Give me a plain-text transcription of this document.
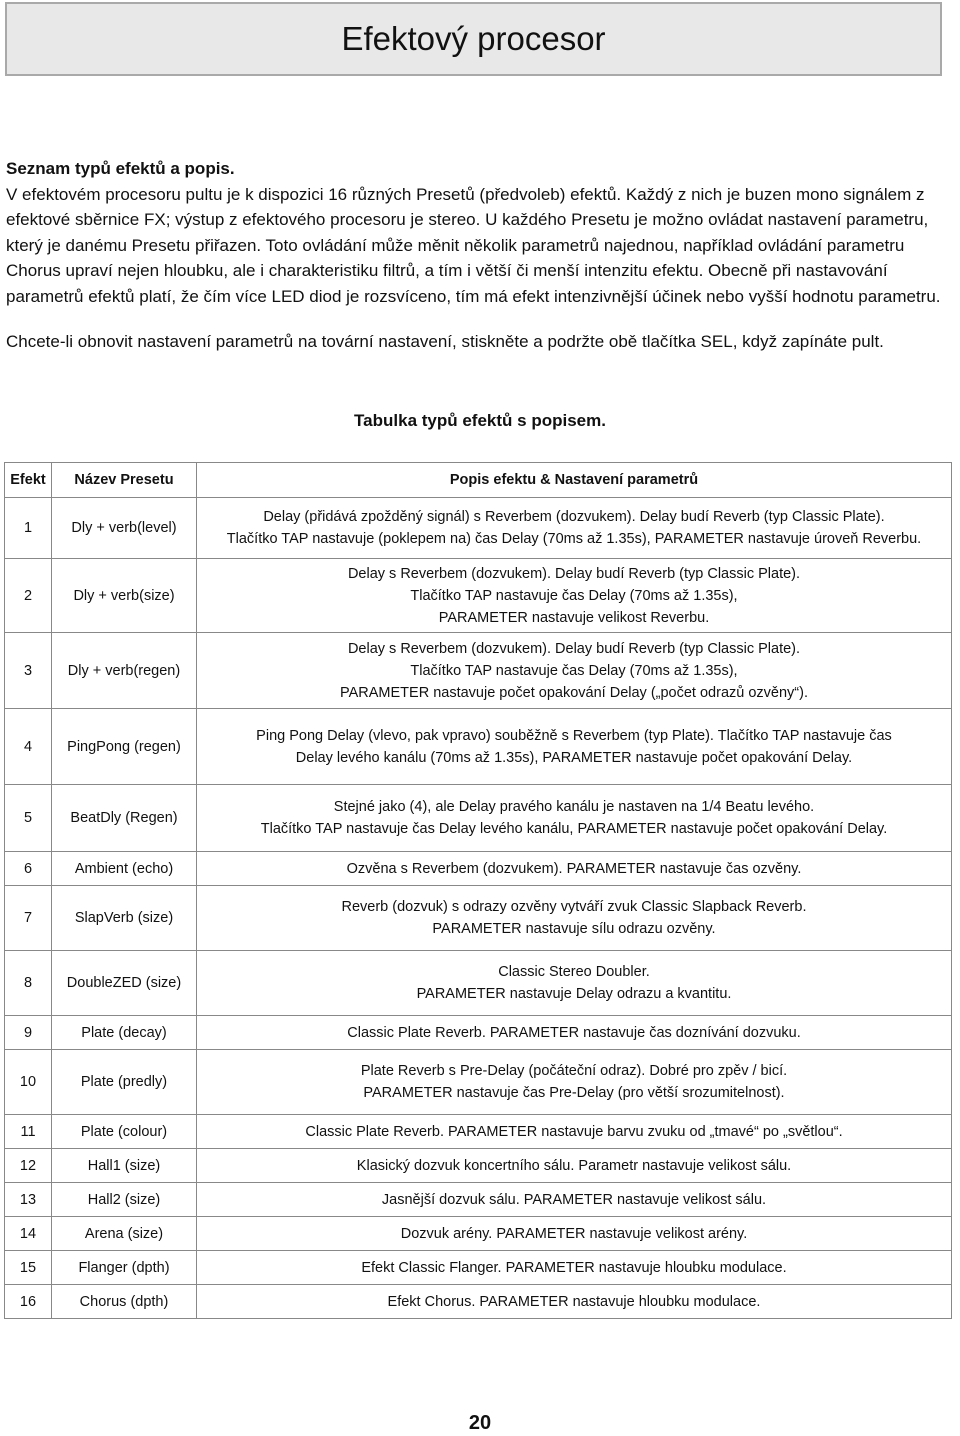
Efektový procesor

Seznam typů efektů a popis.

V efektovém procesoru pultu je k dispozici 16 různých Presetů (předvoleb) efektů. Každý z nich je buzen mono signálem z efektové sběrnice FX; výstup z efektového procesoru je stereo. U každého Presetu je možno ovládat nastavení parametru, který je danému Presetu přiřazen. Toto ovládání může měnit několik parametrů najednou, například ovládání parametru Chorus upraví nejen hloubku, ale i charakteristiku filtrů, a tím i větší či menší intenzitu efektu. Obecně při nastavování parametrů efektů platí, že čím více LED diod je rozsvíceno, tím má efekt intenzivnější účinek nebo vyšší hodnotu parametru.

Chcete-li obnovit nastavení parametrů na tovární nastavení, stiskněte a podržte obě tlačítka SEL, když zapínáte pult.

Tabulka typů efektů s popisem.
Efekt	Název Presetu	Popis efektu & Nastavení parametrů
1	Dly + verb(level)	Delay (přidává zpožděný signál) s Reverbem (dozvukem). Delay budí Reverb (typ Classic Plate).
Tlačítko TAP nastavuje (poklepem na) čas Delay (70ms až 1.35s), PARAMETER nastavuje úroveň Reverbu.

2	Dly + verb(size)	Delay s Reverbem (dozvukem). Delay budí Reverb (typ Classic Plate).
Tlačítko TAP nastavuje čas Delay (70ms až 1.35s),
PARAMETER nastavuje velikost Reverbu.

3	Dly + verb(regen)	Delay s Reverbem (dozvukem). Delay budí Reverb (typ Classic Plate).
Tlačítko TAP nastavuje čas Delay (70ms až 1.35s),
PARAMETER nastavuje počet opakování Delay („počet odrazů ozvěny“).

4	PingPong (regen)	Ping Pong Delay (vlevo, pak vpravo) souběžně s Reverbem (typ Plate). Tlačítko TAP nastavuje čas
Delay levého kanálu (70ms až 1.35s), PARAMETER nastavuje počet opakování Delay.

5	BeatDly (Regen)	Stejné jako (4), ale Delay pravého kanálu je nastaven na 1/4 Beatu levého.
Tlačítko TAP nastavuje čas Delay levého kanálu, PARAMETER nastavuje počet opakování Delay.

6	Ambient (echo)	Ozvěna s Reverbem (dozvukem). PARAMETER nastavuje čas ozvěny.

7	SlapVerb (size)	Reverb (dozvuk) s odrazy ozvěny vytváří zvuk Classic Slapback Reverb.
PARAMETER nastavuje sílu odrazu ozvěny.

8	DoubleZED (size)	Classic Stereo Doubler.
PARAMETER nastavuje Delay odrazu a kvantitu.

9	Plate (decay)	Classic Plate Reverb. PARAMETER nastavuje čas doznívání dozvuku.

10	Plate (predly)	Plate Reverb s Pre-Delay (počáteční odraz). Dobré pro zpěv / bicí.
PARAMETER nastavuje čas Pre-Delay (pro větší srozumitelnost).

11	Plate (colour)	Classic Plate Reverb. PARAMETER nastavuje barvu zvuku od „tmavé“ po „světlou“.

12	Hall1 (size)	Klasický dozvuk koncertního sálu. Parametr nastavuje velikost sálu.

13	Hall2 (size)	Jasnější dozvuk sálu. PARAMETER nastavuje velikost sálu.

14	Arena (size)	Dozvuk arény. PARAMETER nastavuje velikost arény.

15	Flanger (dpth)	Efekt Classic Flanger. PARAMETER nastavuje hloubku modulace.

16	Chorus (dpth)	Efekt Chorus. PARAMETER nastavuje hloubku modulace.
20
